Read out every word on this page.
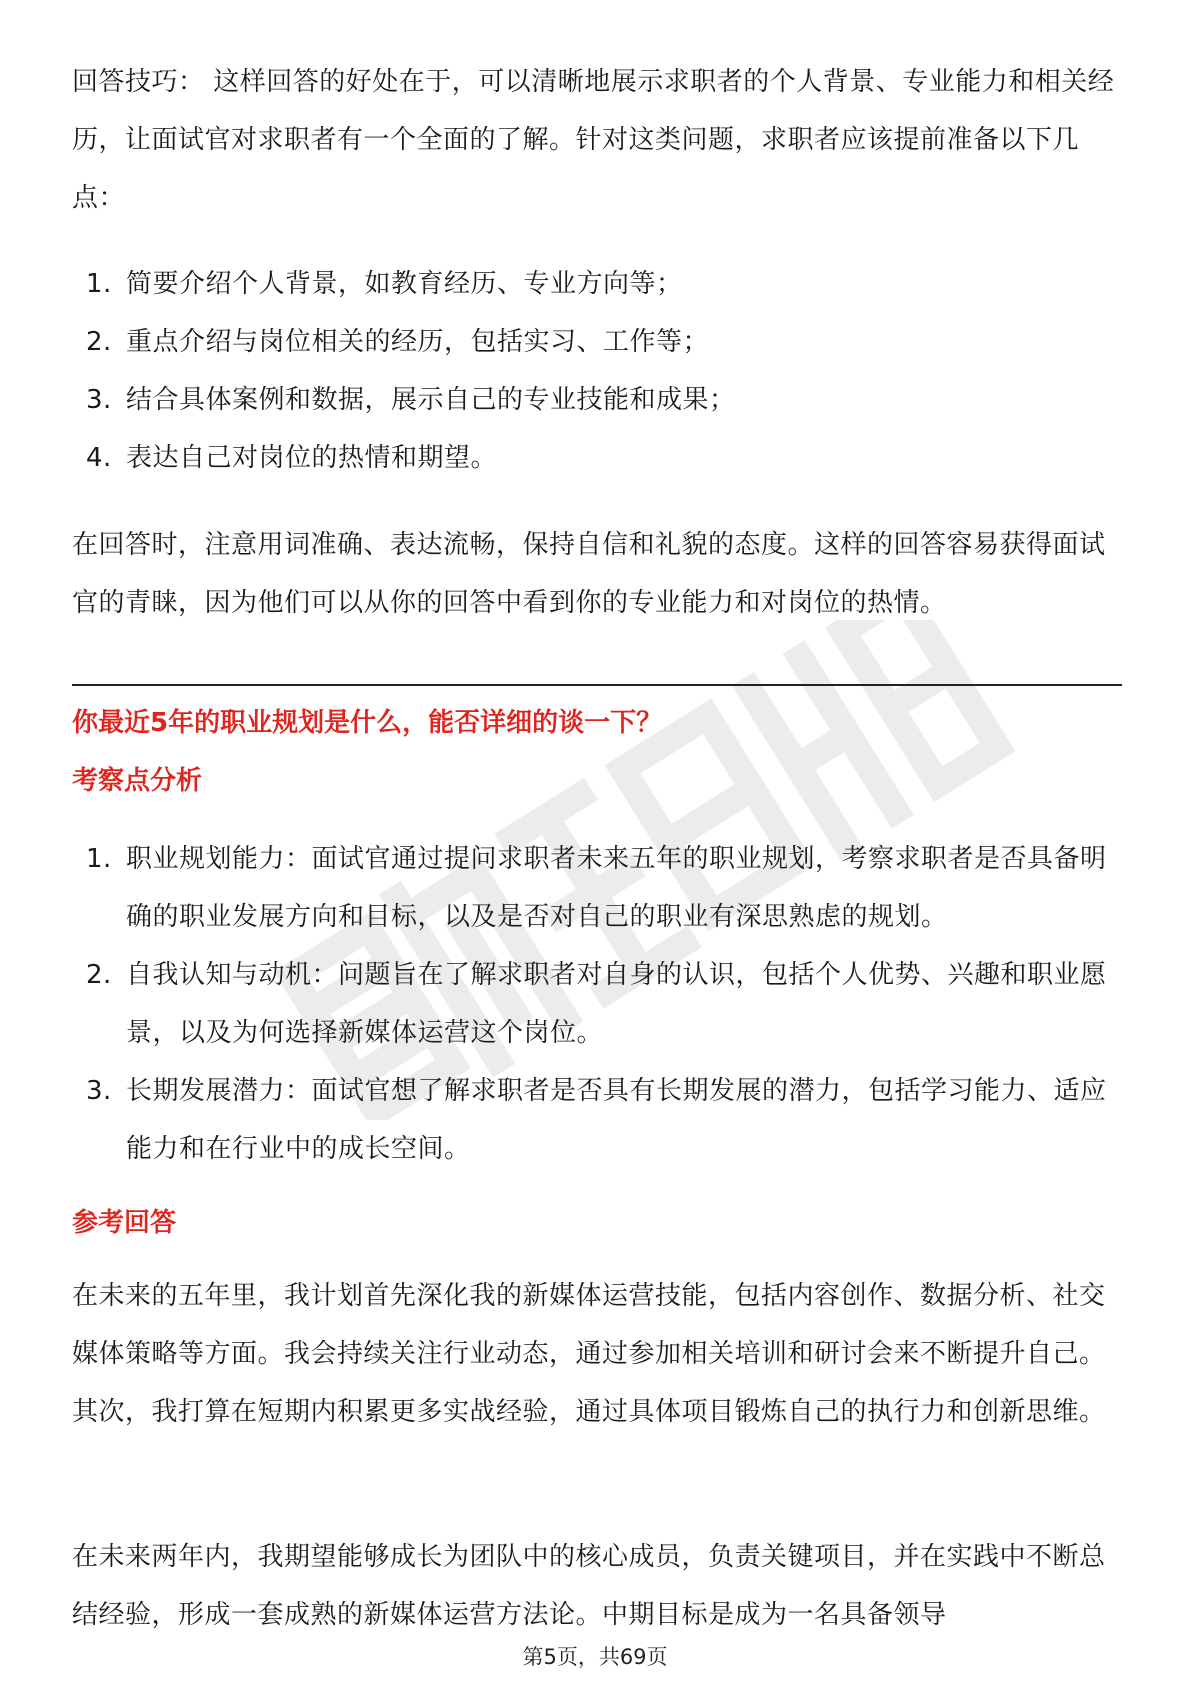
回答技巧： 这样回答的好处在于，可以清晰地展示求职者的个人背景、专业能力和相关经历，让面试官对求职者有一个全面的了解。针对这类问题，求职者应该提前准备以下几点：

1. 简要介绍个人背景，如教育经历、专业方向等；
2. 重点介绍与岗位相关的经历，包括实习、工作等；
3. 结合具体案例和数据，展示自己的专业技能和成果；
4. 表达自己对岗位的热情和期望。

在回答时，注意用词准确、表达流畅，保持自信和礼貌的态度。这样的回答容易获得面试官的青睐，因为他们可以从你的回答中看到你的专业能力和对岗位的热情。

你最近5年的职业规划是什么，能否详细的谈一下？
考察点分析
1. 职业规划能力：面试官通过提问求职者未来五年的职业规划，考察求职者是否具备明确的职业发展方向和目标，以及是否对自己的职业有深思熟虑的规划。
2. 自我认知与动机：问题旨在了解求职者对自身的认识，包括个人优势、兴趣和职业愿景，以及为何选择新媒体运营这个岗位。
3. 长期发展潜力：面试官想了解求职者是否具有长期发展的潜力，包括学习能力、适应能力和在行业中的成长空间。
参考回答

在未来的五年里，我计划首先深化我的新媒体运营技能，包括内容创作、数据分析、社交媒体策略等方面。我会持续关注行业动态，通过参加相关培训和研讨会来不断提升自己。其次，我打算在短期内积累更多实战经验，通过具体项目锻炼自己的执行力和创新思维。

在未来两年内，我期望能够成长为团队中的核心成员，负责关键项目，并在实践中不断总结经验，形成一套成熟的新媒体运营方法论。中期目标是成为一名具备领导

第5页，共69页
